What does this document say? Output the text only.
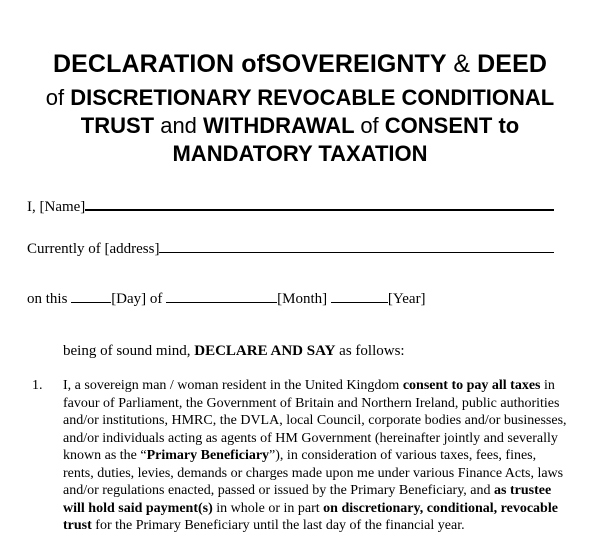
DECLARATION ofSOVEREIGNTY & DEED
of DISCRETIONARY REVOCABLE CONDITIONAL
TRUST and WITHDRAWAL of CONSENT to
MANDATORY TAXATION
I, [Name]
Currently of [address]
on this	[Day] of	[Month]	[Year]
being of sound mind, DECLARE AND SAY as follows:
1. I, a sovereign man / woman resident in the United Kingdom consent to pay all taxes in
favour of Parliament, the Government of Britain and Northern Ireland, public authorities
and/or institutions, HMRC, the DVLA, local Council, corporate bodies and/or businesses,
and/or individuals acting as agents of HM Government (hereinafter jointly and severally
known as the “Primary Beneficiary”), in consideration of various taxes, fees, fines,
rents, duties, levies, demands or charges made upon me under various Finance Acts, laws
and/or regulations enacted, passed or issued by the Primary Beneficiary, and as trustee
will hold said payment(s) in whole or in part on discretionary, conditional, revocable
trust for the Primary Beneficiary until the last day of the financial year.
